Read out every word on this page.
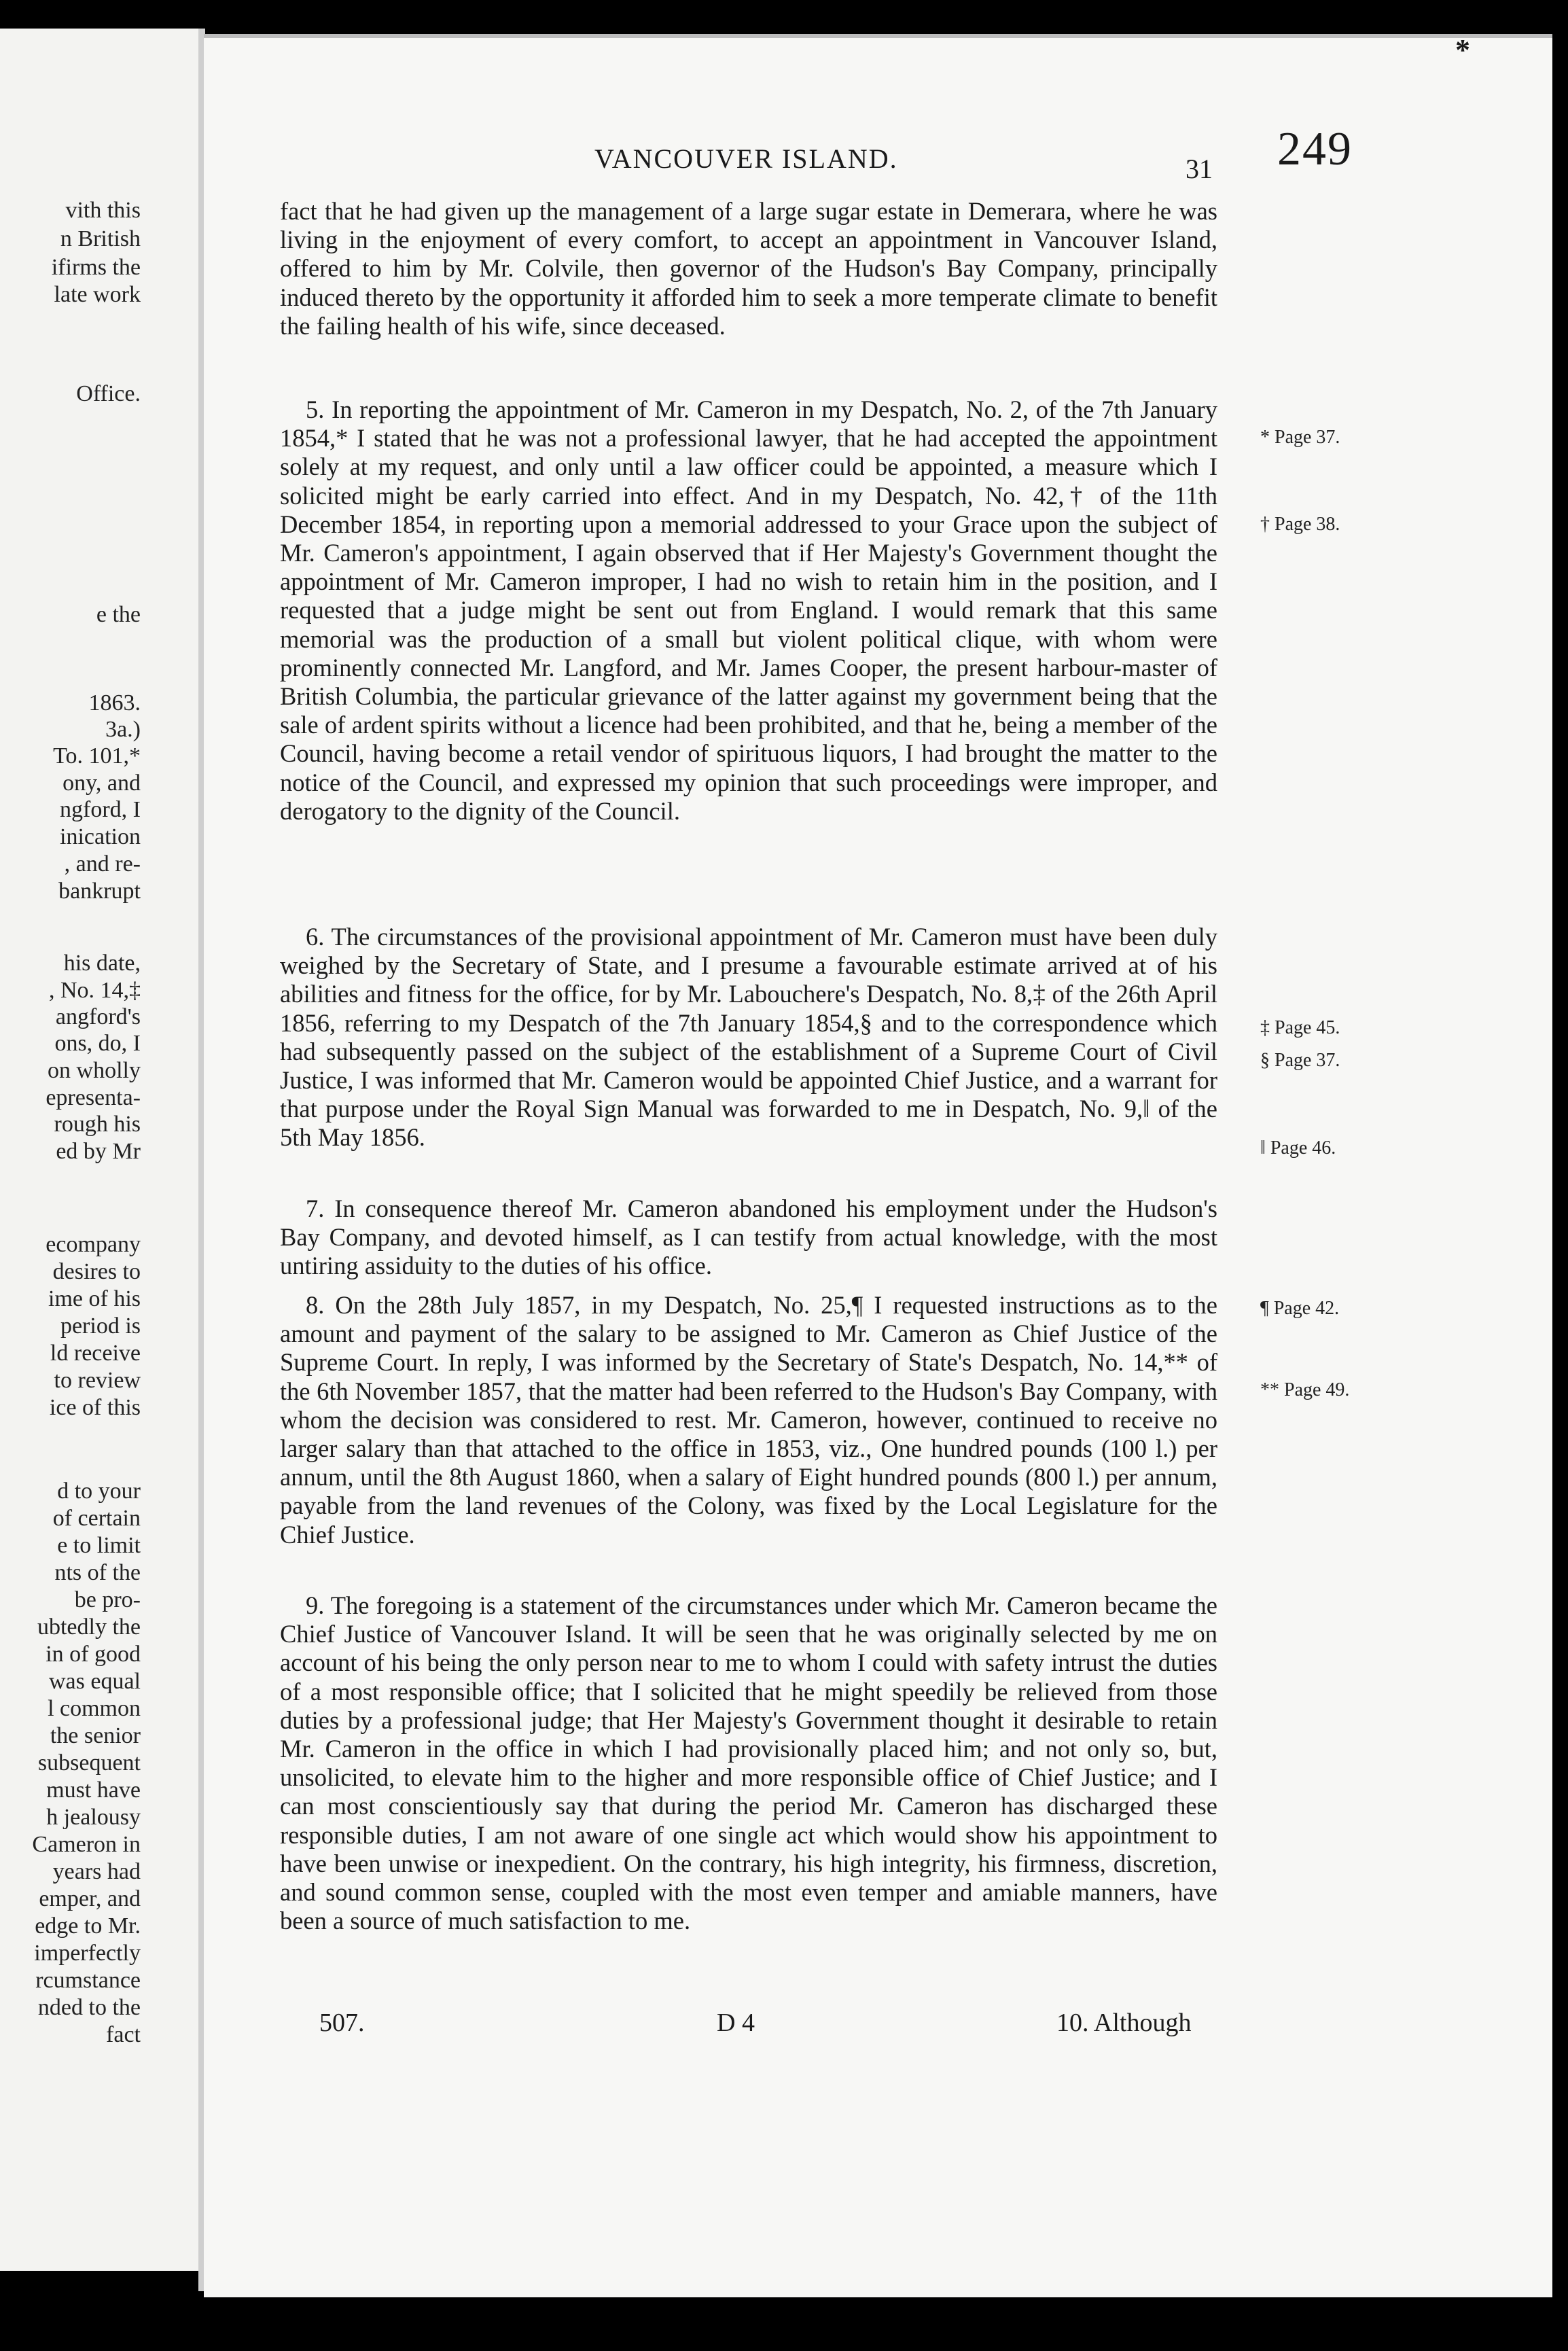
vith this
n British
ifirms the
late work
Office.
e the
1863.
3a.)
To. 101,*
ony, and
ngford, I
inication
, and re-
bankrupt
his date,
, No. 14,‡
angford's
ons, do, I
on wholly
epresenta-
rough his
ed by Mr
ecompany
desires to
ime of his
period is
ld receive
to review
ice of this
d to your
of certain
e to limit
nts of the
be pro-
ubtedly the
in of good
was equal
l common
the senior
subsequent
must have
h jealousy
Cameron in
years had
emper, and
edge to Mr.
imperfectly
rcumstance
nded to the
fact
*
249
VANCOUVER ISLAND.	31

fact that he had given up the management of a large sugar estate in Demerara, where he was living in the enjoyment of every comfort, to accept an appointment in Vancouver Island, offered to him by Mr. Colvile, then governor of the Hudson's Bay Company, principally induced thereto by the opportunity it afforded him to seek a more temperate climate to benefit the failing health of his wife, since deceased.

5. In reporting the appointment of Mr. Cameron in my Despatch, No. 2, of the 7th January 1854,* I stated that he was not a professional lawyer, that he had accepted the appointment solely at my request, and only until a law officer could be appointed, a measure which I solicited might be early carried into effect. And in my Despatch, No. 42,† of the 11th December 1854, in reporting upon a memorial addressed to your Grace upon the subject of Mr. Cameron's appointment, I again observed that if Her Majesty's Government thought the appointment of Mr. Cameron improper, I had no wish to retain him in the position, and I requested that a judge might be sent out from England. I would remark that this same memorial was the production of a small but violent political clique, with whom were prominently connected Mr. Langford, and Mr. James Cooper, the present harbour-master of British Columbia, the particular grievance of the latter against my government being that the sale of ardent spirits without a licence had been prohibited, and that he, being a member of the Council, having become a retail vendor of spirituous liquors, I had brought the matter to the notice of the Council, and expressed my opinion that such proceedings were improper, and derogatory to the dignity of the Council.

6. The circumstances of the provisional appointment of Mr. Cameron must have been duly weighed by the Secretary of State, and I presume a favourable estimate arrived at of his abilities and fitness for the office, for by Mr. Labouchere's Despatch, No. 8,‡ of the 26th April 1856, referring to my Despatch of the 7th January 1854,§ and to the correspondence which had subsequently passed on the subject of the establishment of a Supreme Court of Civil Justice, I was informed that Mr. Cameron would be appointed Chief Justice, and a warrant for that purpose under the Royal Sign Manual was forwarded to me in Despatch, No. 9,‖ of the 5th May 1856.

7. In consequence thereof Mr. Cameron abandoned his employment under the Hudson's Bay Company, and devoted himself, as I can testify from actual knowledge, with the most untiring assiduity to the duties of his office.

8. On the 28th July 1857, in my Despatch, No. 25,¶ I requested instructions as to the amount and payment of the salary to be assigned to Mr. Cameron as Chief Justice of the Supreme Court. In reply, I was informed by the Secretary of State's Despatch, No. 14,** of the 6th November 1857, that the matter had been referred to the Hudson's Bay Company, with whom the decision was considered to rest. Mr. Cameron, however, continued to receive no larger salary than that attached to the office in 1853, viz., One hundred pounds (100 l.) per annum, until the 8th August 1860, when a salary of Eight hundred pounds (800 l.) per annum, payable from the land revenues of the Colony, was fixed by the Local Legislature for the Chief Justice.

9. The foregoing is a statement of the circumstances under which Mr. Cameron became the Chief Justice of Vancouver Island. It will be seen that he was originally selected by me on account of his being the only person near to me to whom I could with safety intrust the duties of a most responsible office; that I solicited that he might speedily be relieved from those duties by a professional judge; that Her Majesty's Government thought it desirable to retain Mr. Cameron in the office in which I had provisionally placed him; and not only so, but, unsolicited, to elevate him to the higher and more responsible office of Chief Justice; and I can most conscientiously say that during the period Mr. Cameron has discharged these responsible duties, I am not aware of one single act which would show his appointment to have been unwise or inexpedient. On the contrary, his high integrity, his firmness, discretion, and sound common sense, coupled with the most even temper and amiable manners, have been a source of much satisfaction to me.

* Page 37.
† Page 38.
‡ Page 45.
§ Page 37.
‖ Page 46.
¶ Page 42.
** Page 49.
507.	D 4	10. Although
